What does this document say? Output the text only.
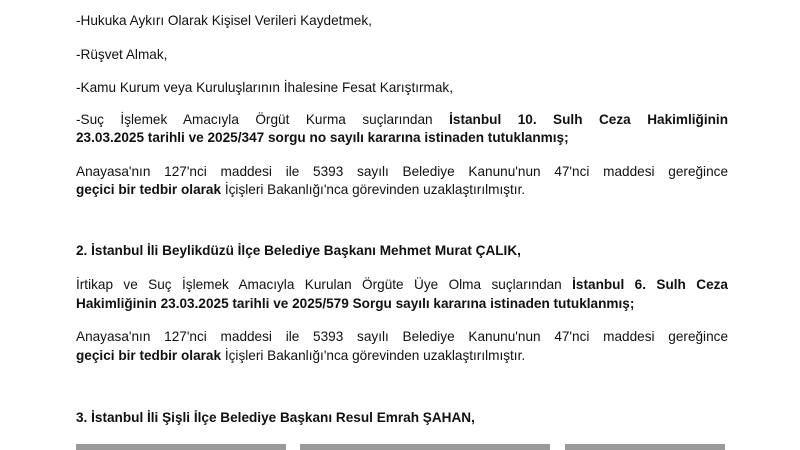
-Hukuka Aykırı Olarak Kişisel Verileri Kaydetmek,
-Rüşvet Almak,
-Kamu Kurum veya Kuruluşlarının İhalesine Fesat Karıştırmak,
-Suç İşlemek Amacıyla Örgüt Kurma suçlarından İstanbul 10. Sulh Ceza Hakimliğinin
23.03.2025 tarihli ve 2025/347 sorgu no sayılı kararına istinaden tutuklanmış;
Anayasa'nın 127'nci maddesi ile 5393 sayılı Belediye Kanunu'nun 47'nci maddesi gereğince
geçici bir tedbir olarak İçişleri Bakanlığı'nca görevinden uzaklaştırılmıştır.
2. İstanbul İli Beylikdüzü İlçe Belediye Başkanı Mehmet Murat ÇALIK,
İrtikap ve Suç İşlemek Amacıyla Kurulan Örgüte Üye Olma suçlarından İstanbul 6. Sulh Ceza
Hakimliğinin 23.03.2025 tarihli ve 2025/579 Sorgu sayılı kararına istinaden tutuklanmış;
Anayasa'nın 127'nci maddesi ile 5393 sayılı Belediye Kanunu'nun 47'nci maddesi gereğince
geçici bir tedbir olarak İçişleri Bakanlığı'nca görevinden uzaklaştırılmıştır.
3. İstanbul İli Şişli İlçe Belediye Başkanı Resul Emrah ŞAHAN,
